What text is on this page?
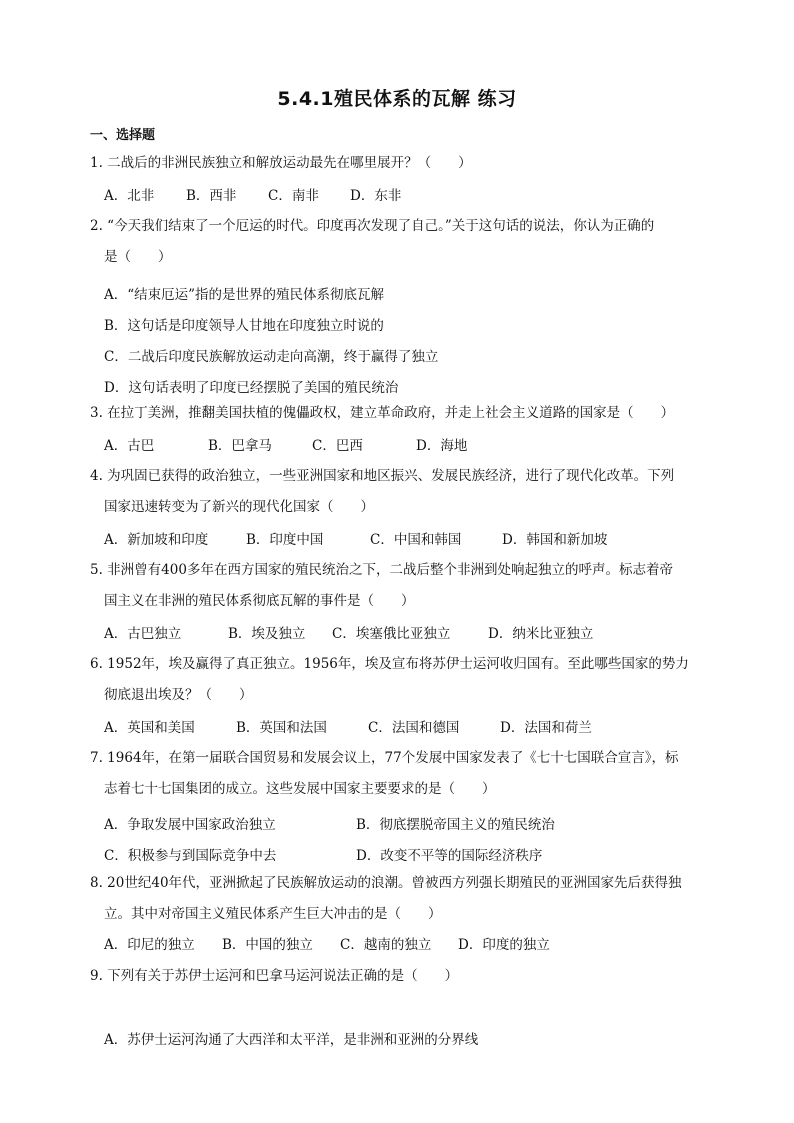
5.4.1殖民体系的瓦解 练习
一、选择题
1. 二战后的非洲民族独立和解放运动最先在哪里展开？（　　）
A．北非 B．西非 C．南非 D．东非
2. “今天我们结束了一个厄运的时代。印度再次发现了自己。”关于这句话的说法，你认为正确的
是（　　）
A．“结束厄运”指的是世界的殖民体系彻底瓦解
B．这句话是印度领导人甘地在印度独立时说的
C．二战后印度民族解放运动走向高潮，终于赢得了独立
D．这句话表明了印度已经摆脱了美国的殖民统治
3. 在拉丁美洲，推翻美国扶植的傀儡政权，建立革命政府，并走上社会主义道路的国家是（　　）
A．古巴	B．巴拿马	C．巴西	D．海地
4. 为巩固已获得的政治独立，一些亚洲国家和地区振兴、发展民族经济，进行了现代化改革。下列
国家迅速转变为了新兴的现代化国家（　　）
A．新加坡和印度	B．印度中国	C．中国和韩国	D．韩国和新加坡
5. 非洲曾有400多年在西方国家的殖民统治之下，二战后整个非洲到处响起独立的呼声。标志着帝
国主义在非洲的殖民体系彻底瓦解的事件是（　　）
A．古巴独立	B．埃及独立 C．埃塞俄比亚独立	D．纳米比亚独立
6. 1952年，埃及赢得了真正独立。1956年，埃及宣布将苏伊士运河收归国有。至此哪些国家的势力
彻底退出埃及？（　　）
A．英国和美国	B．英国和法国	C．法国和德国	D．法国和荷兰
7. 1964年，在第一届联合国贸易和发展会议上，77个发展中国家发表了《七十七国联合宣言》，标
志着七十七国集团的成立。这些发展中国家主要要求的是（　　）
A．争取发展中国家政治独立	B．彻底摆脱帝国主义的殖民统治
C．积极参与到国际竞争中去	D．改变不平等的国际经济秩序
8. 20世纪40年代，亚洲掀起了民族解放运动的浪潮。曾被西方列强长期殖民的亚洲国家先后获得独
立。其中对帝国主义殖民体系产生巨大冲击的是（　　）
A．印尼的独立 B．中国的独立 C．越南的独立 D．印度的独立
9. 下列有关于苏伊士运河和巴拿马运河说法正确的是（　　）
A．苏伊士运河沟通了大西洋和太平洋，是非洲和亚洲的分界线
